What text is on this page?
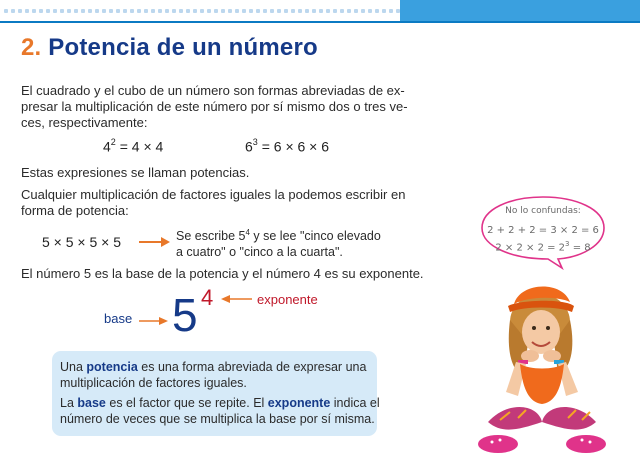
2. Potencia de un número
El cuadrado y el cubo de un número son formas abreviadas de ex-
presar la multiplicación de este número por sí mismo dos o tres ve-
ces, respectivamente:
$4^2 = 4 \times 4$	$6^3 = 6 \times 6 \times 6$
Estas expresiones se llaman potencias.
Cualquier multiplicación de factores iguales la podemos escribir en
forma de potencia:
5 × 5 × 5 × 5	Se escribe $5^4$ y se lee "cinco elevado
a cuatro" o "cinco a la cuarta".
El número 5 es la base de la potencia y el número 4 es su exponente.
base 5 4	exponente
Una potencia es una forma abreviada de expresar una
multiplicación de factores iguales.
La base es el factor que se repite. El exponente indica el
número de veces que se multiplica la base por sí misma.
No lo confundas:
2 + 2 + 2 = 3 × 2 = 6
$2 \times 2 \times 2 = 2^3 = 8$
